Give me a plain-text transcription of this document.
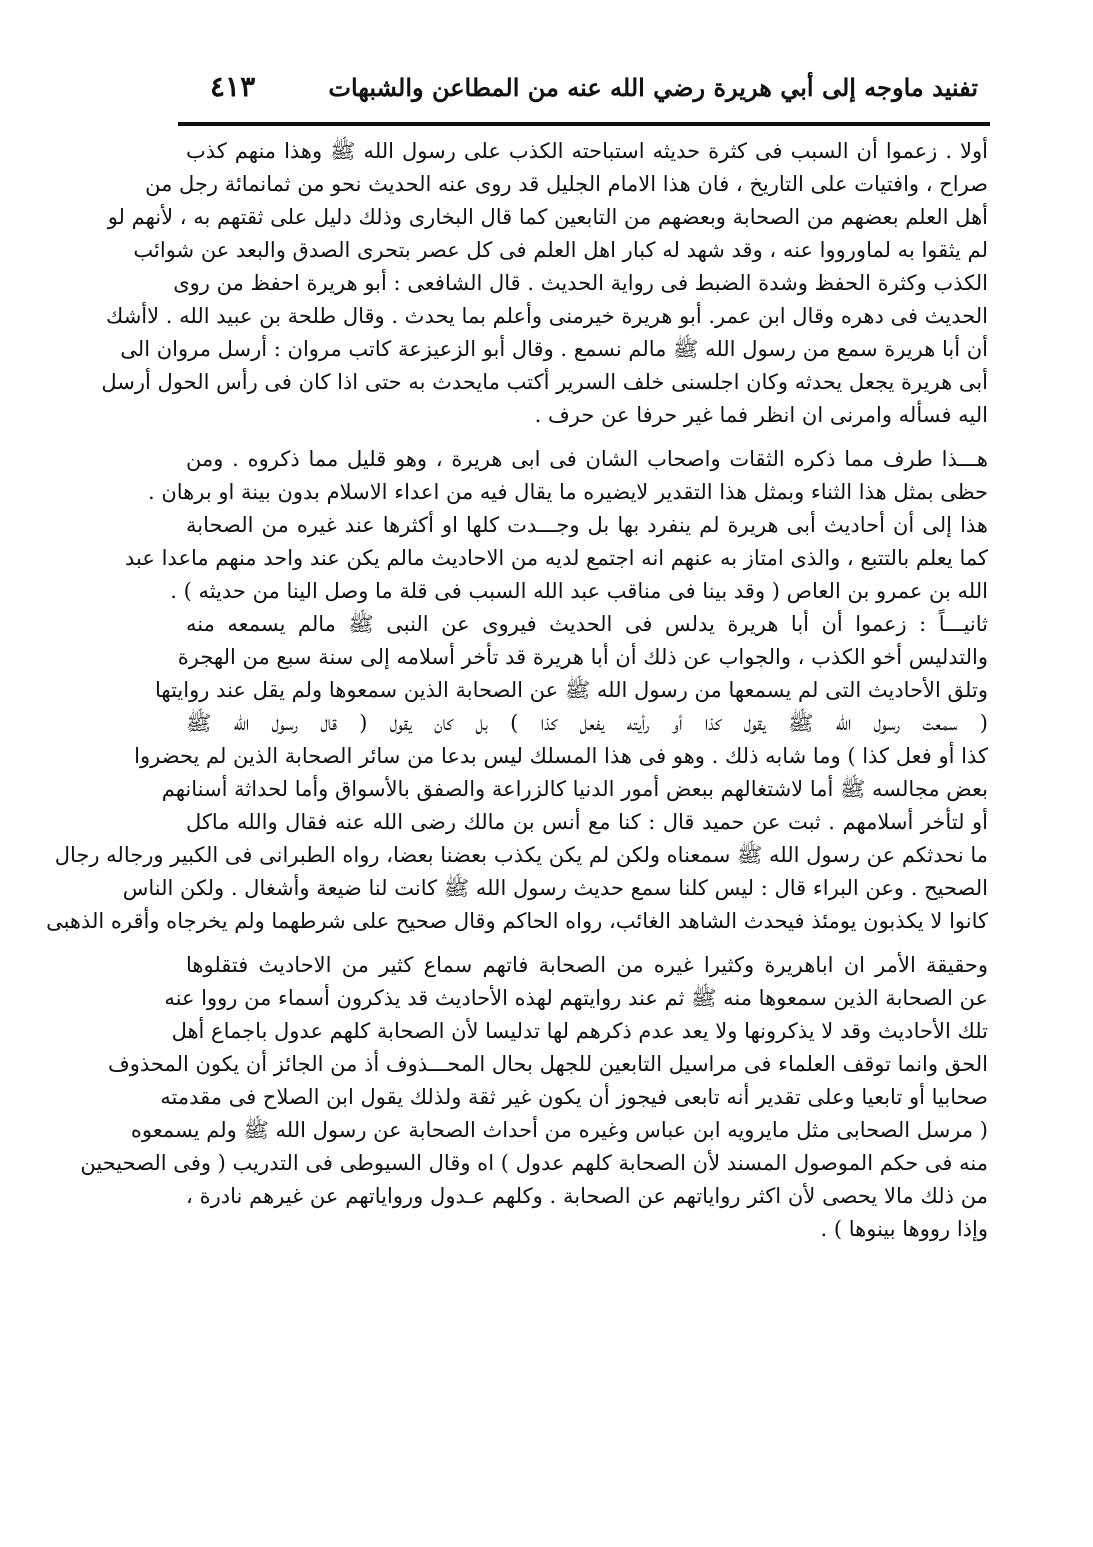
تفنيد ماوجه إلى أبي هريرة رضي الله عنه من المطاعن والشبهات
٤١٣
أولا . زعموا أن السبب فى كثرة حديثه استباحته الكذب على رسول الله ﷺ وهذا منهم كذب
صراح ، وافتيات على التاريخ ، فان هذا الامام الجليل قد روى عنه الحديث نحو من ثمانمائة رجل من
أهل العلم بعضهم من الصحابة وبعضهم من التابعين كما قال البخارى وذلك دليل على ثقتهم به ، لأنهم لو
لم يثقوا به لماورووا عنه ، وقد شهد له كبار اهل العلم فى كل عصر بتحرى الصدق والبعد عن شوائب
الكذب وكثرة الحفظ وشدة الضبط فى رواية الحديث . قال الشافعى : أبو هريرة احفظ من روى
الحديث فى دهره وقال ابن عمر. أبو هريرة خيرمنى وأعلم بما يحدث . وقال طلحة بن عبيد الله . لاأشك
أن أبا هريرة سمع من رسول الله ﷺ مالم نسمع . وقال أبو الزعيزعة كاتب مروان : أرسل مروان الى
أبى هريرة يجعل يحدثه وكان اجلسنى خلف السرير أكتب مايحدث به حتى اذا كان فى رأس الحول أرسل
اليه فسأله وامرنى ان انظر فما غير حرفا عن حرف .
هـــذا طرف مما ذكره الثقات واصحاب الشان فى ابى هريرة ، وهو قليل مما ذكروه . ومن
حظى بمثل هذا الثناء وبمثل هذا التقدير لايضيره ما يقال فيه من اعداء الاسلام بدون بينة او برهان .
هذا إلى أن أحاديث أبى هريرة لم ينفرد بها بل وجـــدت كلها او أكثرها عند غيره من الصحابة
كما يعلم بالتتبع ، والذى امتاز به عنهم انه اجتمع لديه من الاحاديث مالم يكن عند واحد منهم ماعدا عبد
الله بن عمرو بن العاص ( وقد بينا فى مناقب عبد الله السبب فى قلة ما وصل الينا من حديثه ) .
ثانيـــاً : زعموا أن أبا هريرة يدلس فى الحديث فيروى عن النبى ﷺ مالم يسمعه منه
والتدليس أخو الكذب ، والجواب عن ذلك أن أبا هريرة قد تأخر أسلامه إلى سنة سبع من الهجرة
وتلق الأحاديث التى لم يسمعها من رسول الله ﷺ عن الصحابة الذين سمعوها ولم يقل عند روايتها
( سمعت رسول الله ﷺ يقول كذا أو رأيته يفعل كذا ) بل كان يقول ( قال رسول الله ﷺ
كذا أو فعل كذا ) وما شابه ذلك . وهو فى هذا المسلك ليس بدعا من سائر الصحابة الذين لم يحضروا
بعض مجالسه ﷺ أما لاشتغالهم ببعض أمور الدنيا كالزراعة والصفق بالأسواق وأما لحداثة أسنانهم
أو لتأخر أسلامهم . ثبت عن حميد قال : كنا مع أنس بن مالك رضى الله عنه فقال والله ماكل
ما نحدثكم عن رسول الله ﷺ سمعناه ولكن لم يكن يكذب بعضنا بعضا، رواه الطبرانى فى الكبير ورجاله رجال
الصحيح . وعن البراء قال : ليس كلنا سمع حديث رسول الله ﷺ كانت لنا ضيعة وأشغال . ولكن الناس
كانوا لا يكذبون يومئذ فيحدث الشاهد الغائب، رواه الحاكم وقال صحيح على شرطهما ولم يخرجاه وأقره الذهبى
وحقيقة الأمر ان اباهريرة وكثيرا غيره من الصحابة فاتهم سماع كثير من الاحاديث فتقلوها
عن الصحابة الذين سمعوها منه ﷺ ثم عند روايتهم لهذه الأحاديث قد يذكرون أسماء من رووا عنه
تلك الأحاديث وقد لا يذكرونها ولا يعد عدم ذكرهم لها تدليسا لأن الصحابة كلهم عدول باجماع أهل
الحق وانما توقف العلماء فى مراسيل التابعين للجهل بحال المحـــذوف أذ من الجائز أن يكون المحذوف
صحابيا أو تابعيا وعلى تقدير أنه تابعى فيجوز أن يكون غير ثقة ولذلك يقول ابن الصلاح فى مقدمته
( مرسل الصحابى مثل مايرويه ابن عباس وغيره من أحداث الصحابة عن رسول الله ﷺ ولم يسمعوه
منه فى حكم الموصول المسند لأن الصحابة كلهم عدول ) اه وقال السيوطى فى التدريب ( وفى الصحيحين
من ذلك مالا يحصى لأن اكثر رواياتهم عن الصحابة . وكلهم عـدول ورواياتهم عن غيرهم نادرة ،
وإذا رووها بينوها ) .
